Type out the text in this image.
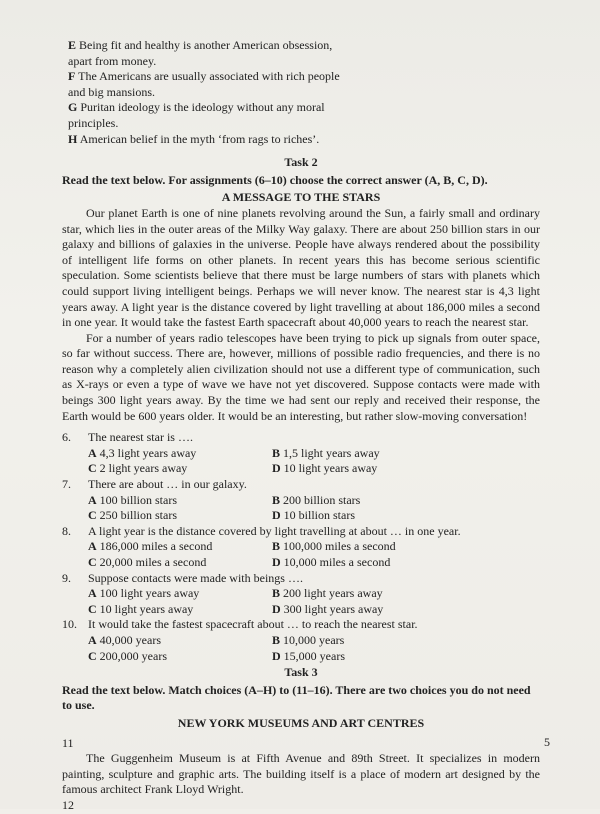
E Being fit and healthy is another American obsession,

apart from money.

F The Americans are usually associated with rich people

and big mansions.

G Puritan ideology is the ideology without any moral

principles.

H American belief in the myth ‘from rags to riches’.

Task 2
Read the text below. For assignments (6–10) choose the correct answer (A, B, C, D).
A MESSAGE TO THE STARS

Our planet Earth is one of nine planets revolving around the Sun, a fairly small and ordinary star, which lies in the outer areas of the Milky Way galaxy. There are about 250 billion stars in our galaxy and billions of galaxies in the universe. People have always rendered about the possibility of intelligent life forms on other planets. In recent years this has become serious scientific speculation. Some scientists believe that there must be large numbers of stars with planets which could support living intelligent beings. Perhaps we will never know. The nearest star is 4,3 light years away. A light year is the distance covered by light travelling at about 186,000 miles a second in one year. It would take the fastest Earth spacecraft about 40,000 years to reach the nearest star.

For a number of years radio telescopes have been trying to pick up signals from outer space, so far without success. There are, however, millions of possible radio frequencies, and there is no reason why a completely alien civilization should not use a different type of communication, such as X-rays or even a type of wave we have not yet discovered. Suppose contacts were made with beings 300 light years away. By the time we had sent our reply and received their response, the Earth would be 600 years older. It would be an interesting, but rather slow-moving conversation!

6.	The nearest star is ….
A 4,3 light years away	B 1,5 light years away
C 2 light years away	D 10 light years away
7.	There are about … in our galaxy.
A 100 billion stars	B 200 billion stars
C 250 billion stars	D 10 billion stars
8.	A light year is the distance covered by light travelling at about … in one year.
A 186,000 miles a second	B 100,000 miles a second
C 20,000 miles a second	D 10,000 miles a second
9.	Suppose contacts were made with beings ….
A 100 light years away	B 200 light years away
C 10 light years away	D 300 light years away
10. It would take the fastest spacecraft about … to reach the nearest star.
A 40,000 years	B 10,000 years
C 200,000 years	D 15,000 years
Task 3
Read the text below. Match choices (A–H) to (11–16). There are two choices you do not need to use.
NEW YORK MUSEUMS AND ART CENTRES
11

The Guggenheim Museum is at Fifth Avenue and 89th Street. It specializes in modern painting, sculpture and graphic arts. The building itself is a place of modern art designed by the famous architect Frank Lloyd Wright.

12
5
